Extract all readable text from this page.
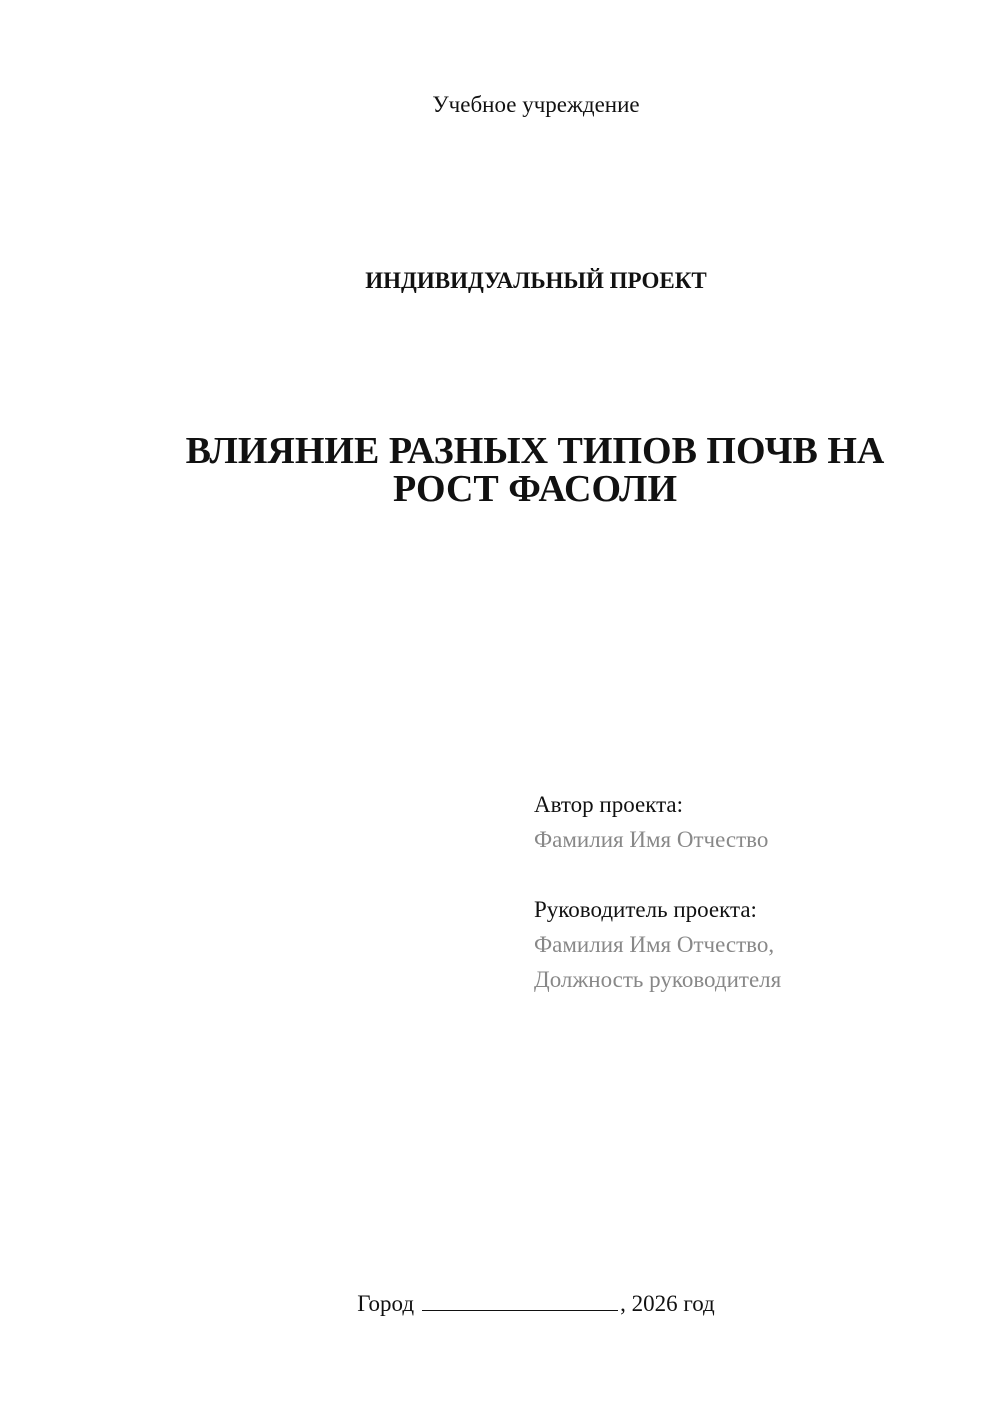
Учебное учреждение
ИНДИВИДУАЛЬНЫЙ ПРОЕКТ
ВЛИЯНИЕ РАЗНЫХ ТИПОВ ПОЧВ НА
РОСТ ФАСОЛИ
Автор проекта:
Фамилия Имя Отчество
Руководитель проекта:
Фамилия Имя Отчество,
Должность руководителя
Город	, 2026 год
